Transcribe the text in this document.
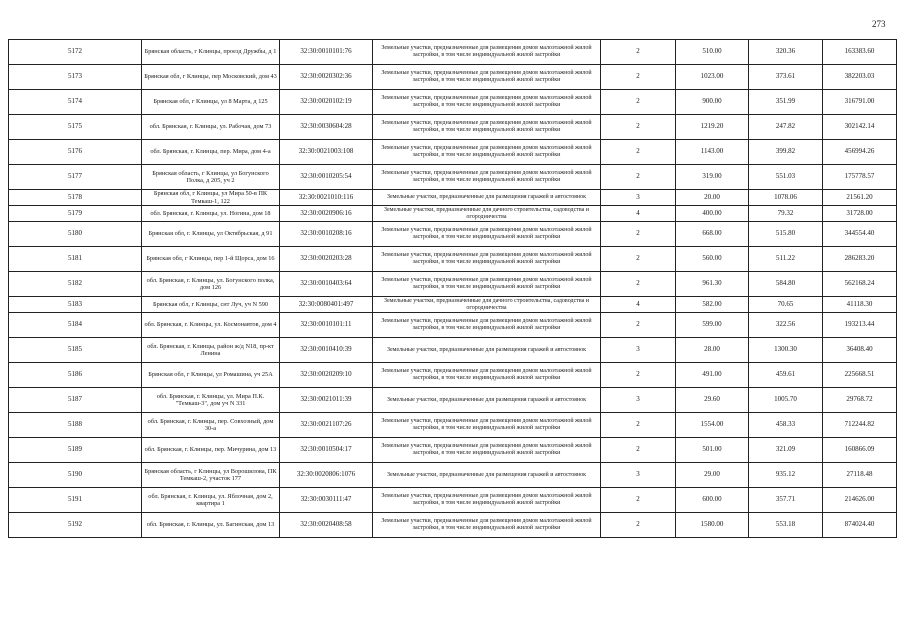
273
5172	Брянская область, г Клинцы, проезд Дружбы, д 1	32:30:0010101:76	Земельные участки, предназначенные для размещения домов малоэтажной жилой застройки, в том числе индивидуальной жилой застройки	2	510.00	320.36	163383.60
5173	Брянская обл, г Клинцы, пер Московский, дом 43	32:30:0020302:36	Земельные участки, предназначенные для размещения домов малоэтажной жилой застройки, в том числе индивидуальной жилой застройки	2	1023.00	373.61	382203.03
5174	Брянская обл, г Клинцы, ул 8 Марта, д 125	32:30:0020102:19	Земельные участки, предназначенные для размещения домов малоэтажной жилой застройки, в том числе индивидуальной жилой застройки	2	900.00	351.99	316791.00
5175	обл. Брянская, г. Клинцы, ул. Рабочая, дом 73	32:30:0030604:28	Земельные участки, предназначенные для размещения домов малоэтажной жилой застройки, в том числе индивидуальной жилой застройки	2	1219.20	247.82	302142.14
5176	обл. Брянская, г. Клинцы, пер. Мира, дом 4-а	32:30:0021003:108	Земельные участки, предназначенные для размещения домов малоэтажной жилой застройки, в том числе индивидуальной жилой застройки	2	1143.00	399.82	456994.26
5177	Брянская область, г Клинцы, ул Богунского Полка, д 205, уч 2	32:30:0010205:54	Земельные участки, предназначенные для размещения домов малоэтажной жилой застройки, в том числе индивидуальной жилой застройки	2	319.00	551.03	175778.57
5178	Брянская обл, г Клинцы, ул Мира 50-в ПК Темкаш-1, 122	32:30:0021010:116	Земельные участки, предназначенные для размещения гаражей и автостоянок	3	20.00	1078.06	21561.20
5179	обл. Брянская, г. Клинцы, ул. Ногина, дом 18	32:30:0020906:16	Земельные участки, предназначенные для дачного строительства, садоводства и огородничества	4	400.00	79.32	31728.00
5180	Брянская обл, г. Клинцы, ул Октябрьская, д 91	32:30:0010208:16	Земельные участки, предназначенные для размещения домов малоэтажной жилой застройки, в том числе индивидуальной жилой застройки	2	668.00	515.80	344554.40
5181	Брянская обл, г Клинцы, пер 1-й Щорса, дом 16	32:30:0020203:28	Земельные участки, предназначенные для размещения домов малоэтажной жилой застройки, в том числе индивидуальной жилой застройки	2	560.00	511.22	286283.20
5182	обл. Брянская, г. Клинцы, ул. Богунского полка, дом 126	32:30:0010403:64	Земельные участки, предназначенные для размещения домов малоэтажной жилой застройки, в том числе индивидуальной жилой застройки	2	961.30	584.80	562168.24
5183	Брянская обл, г Клинцы, снт Луч, уч N 590	32:30:0080401:497	Земельные участки, предназначенные для дачного строительства, садоводства и огородничества	4	582.00	70.65	41118.30
5184	обл. Брянская, г. Клинцы, ул. Космонавтов, дом 4	32:30:0010101:11	Земельные участки, предназначенные для размещения домов малоэтажной жилой застройки, в том числе индивидуальной жилой застройки	2	599.00	322.56	193213.44
5185	обл. Брянская, г. Клинцы, район ж/д N18, пр-кт Ленина	32:30:0010410:39	Земельные участки, предназначенные для размещения гаражей и автостоянок	3	28.00	1300.30	36408.40
5186	Брянская обл, г Клинцы, ул Ромашина, уч 25А	32:30:0020209:10	Земельные участки, предназначенные для размещения домов малоэтажной жилой застройки, в том числе индивидуальной жилой застройки	2	491.00	459.61	225668.51
5187	обл. Брянская, г. Клинцы, ул. Мира П.К. "Темкаш-3", дом уч N 331	32:30:0021011:39	Земельные участки, предназначенные для размещения гаражей и автостоянок	3	29.60	1005.70	29768.72
5188	обл. Брянская, г. Клинцы, пер. Совхозный, дом 30-а	32:30:0021107:26	Земельные участки, предназначенные для размещения домов малоэтажной жилой застройки, в том числе индивидуальной жилой застройки	2	1554.00	458.33	712244.82
5189	обл. Брянская, г. Клинцы, пер. Мичурина, дом 13	32:30:0010504:17	Земельные участки, предназначенные для размещения домов малоэтажной жилой застройки, в том числе индивидуальной жилой застройки	2	501.00	321.09	160866.09
5190	Брянская область, г Клинцы, ул Ворошилова, ПК Темкаш-2, участок 177	32:30:0020806:1076	Земельные участки, предназначенные для размещения гаражей и автостоянок	3	29.00	935.12	27118.48
5191	обл. Брянская, г. Клинцы, ул. Яблочная, дом 2, квартира 1	32:30:0030111:47	Земельные участки, предназначенные для размещения домов малоэтажной жилой застройки, в том числе индивидуальной жилой застройки	2	600.00	357.71	214626.00
5192	обл. Брянская, г. Клинцы, ул. Багинская, дом 13	32:30:0020408:58	Земельные участки, предназначенные для размещения домов малоэтажной жилой застройки, в том числе индивидуальной жилой застройки	2	1580.00	553.18	874024.40
